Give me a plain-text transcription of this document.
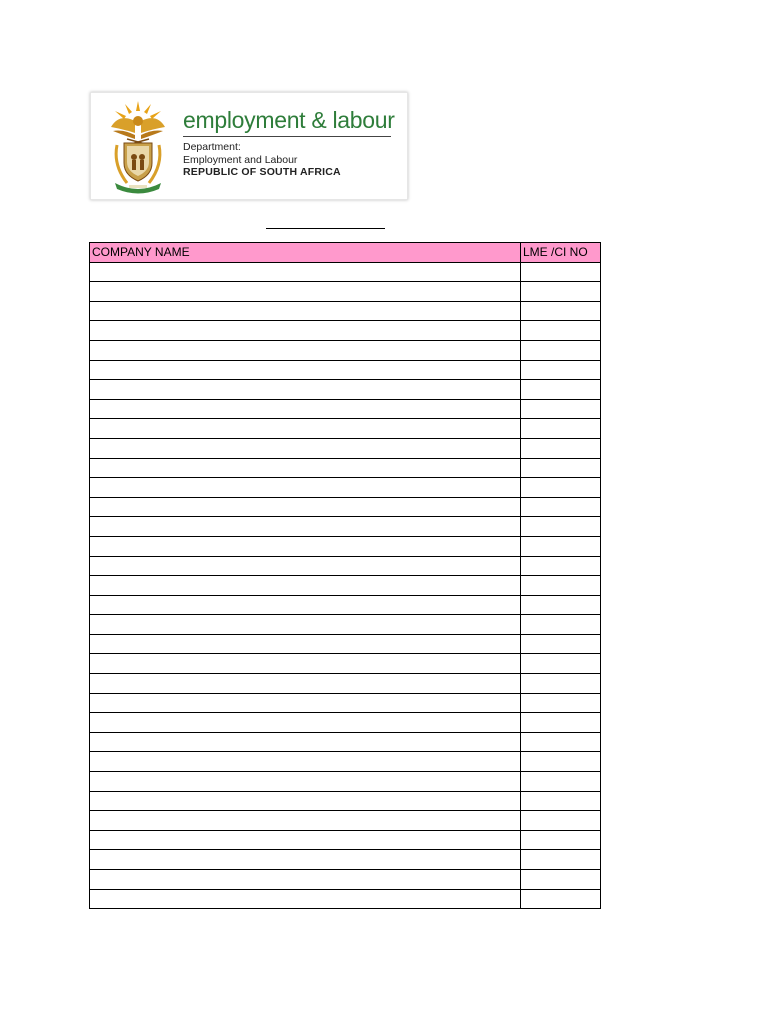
employment & labour
Department:
Employment and Labour
REPUBLIC OF SOUTH AFRICA
COMPANY NAME	LME /CI NO
